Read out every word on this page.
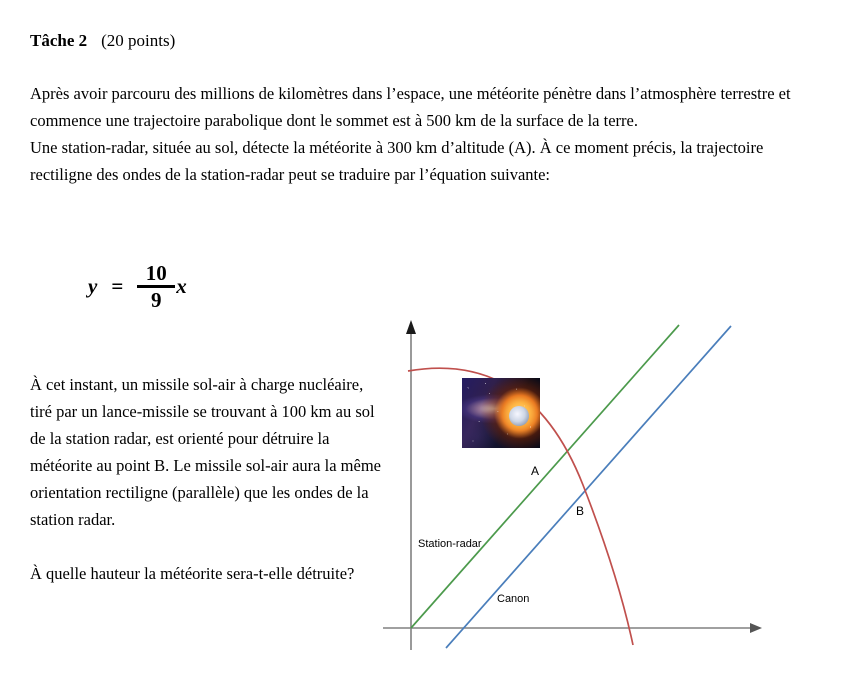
Tâche 2 (20 points)

Après avoir parcouru des millions de kilomètres dans l’espace, une météorite pénètre dans l’atmosphère terrestre et commence une trajectoire parabolique dont le sommet est à 500 km de la surface de la terre.

Une station-radar, située au sol, détecte la météorite à 300 km d’altitude (A). À ce moment précis, la trajectoire rectiligne des ondes de la station-radar peut se traduire par l’équation suivante:

$y = \frac{10}{9}$ x

À cet instant, un missile sol-air à charge nucléaire, tiré par un lance-missile se trouvant à 100 km au sol de la station radar, est orienté pour détruire la météorite au point B. Le missile sol-air aura la même orientation rectiligne (parallèle) que les ondes de la station radar.

À quelle hauteur la météorite sera-t-elle détruite?

A
B
Station-radar
Canon
